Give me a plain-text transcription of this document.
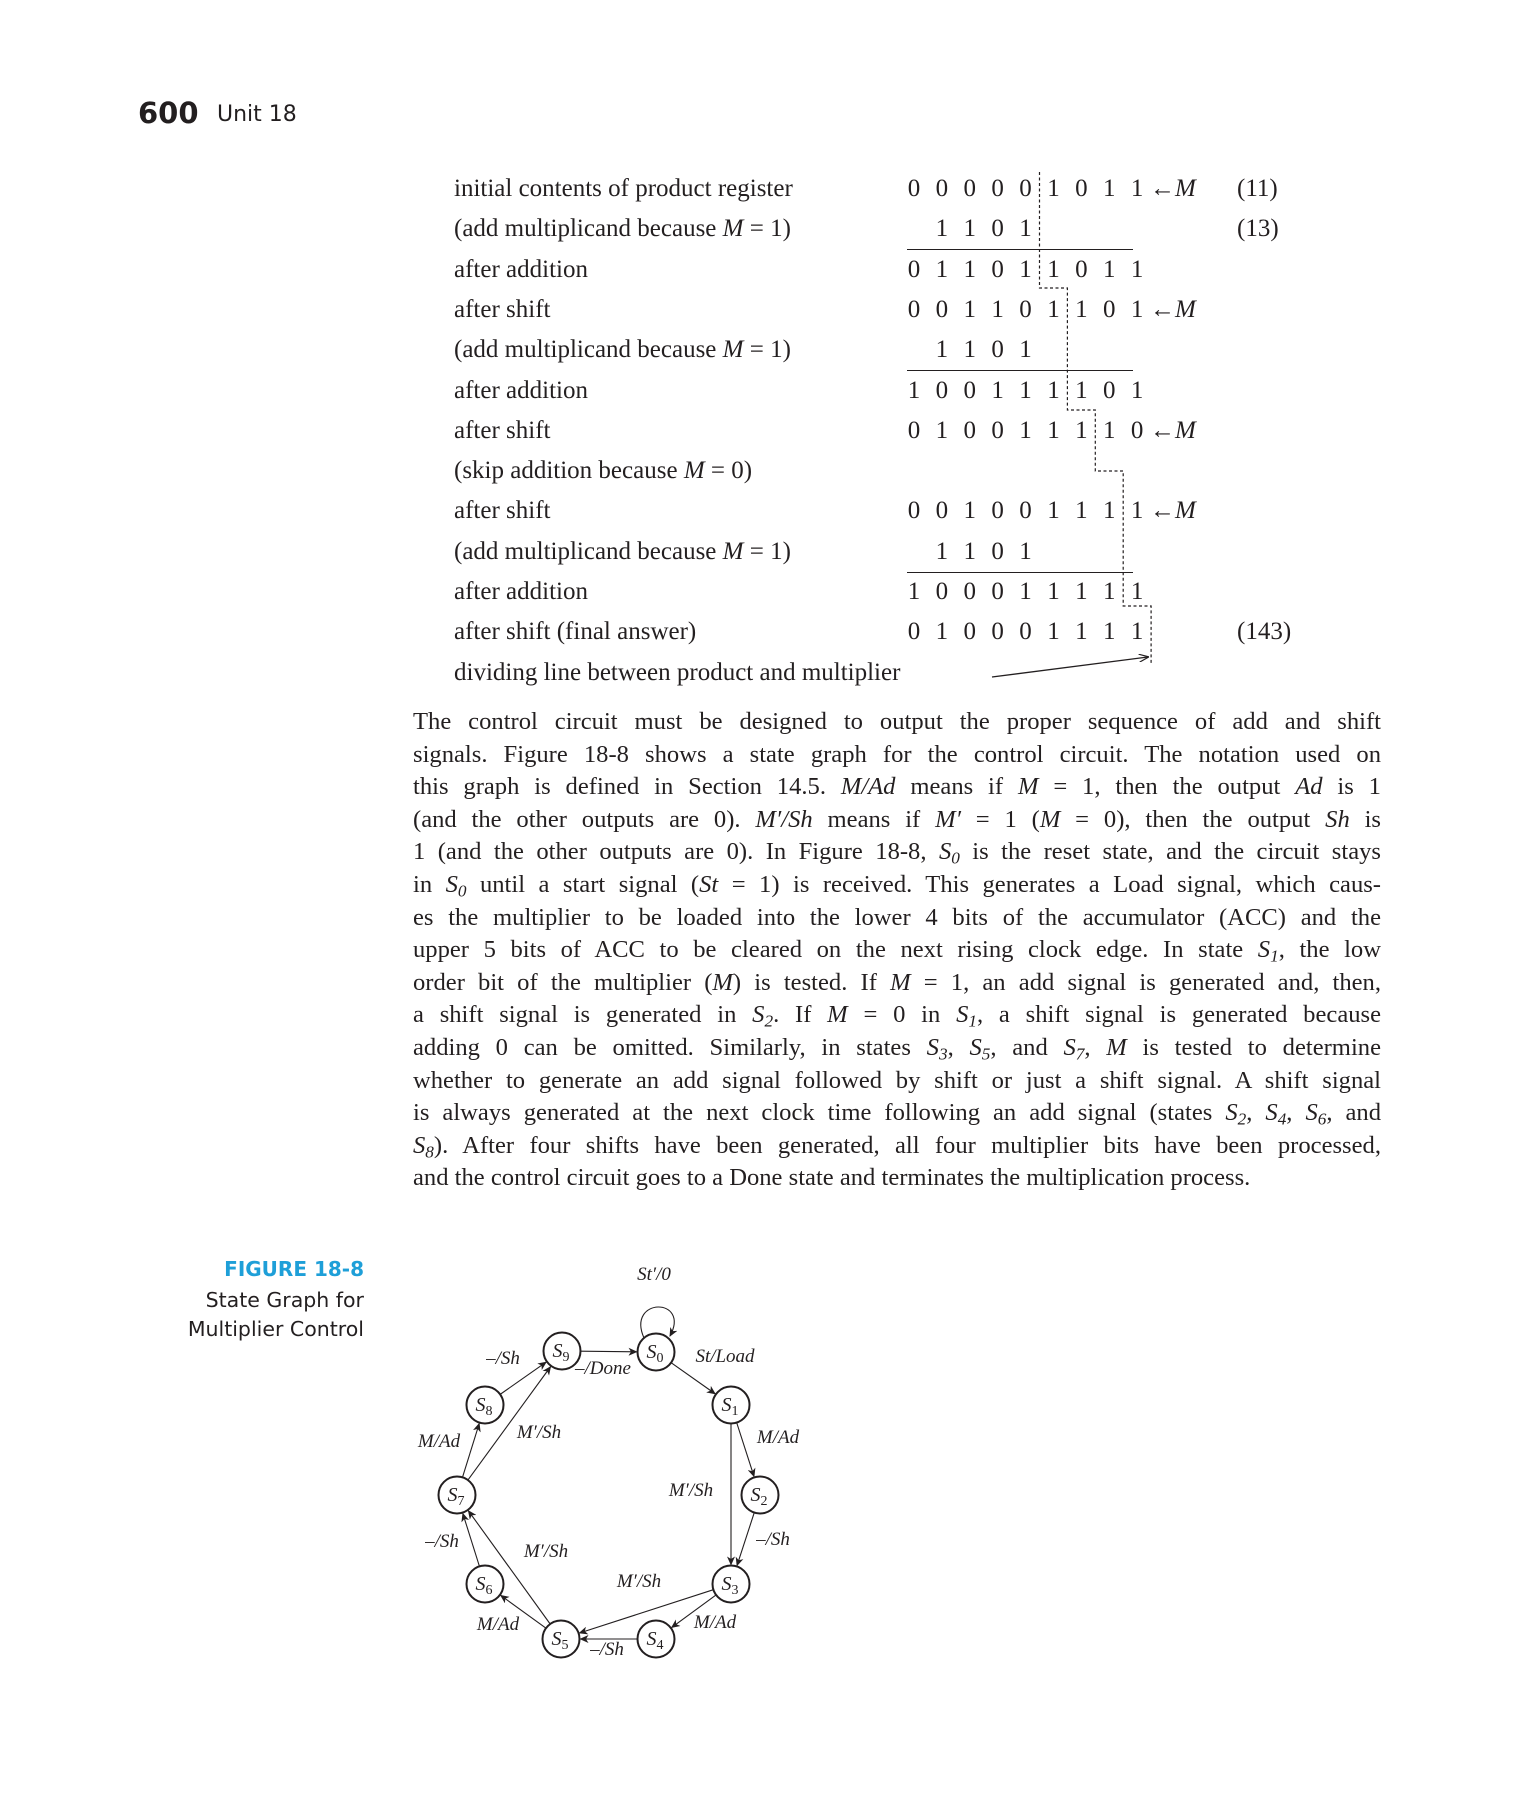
600 Unit 18
initial contents of product register	0 0 0 0 0 1 0 1 1 ←M (11)
(add multiplicand because M = 1)	1 1 0 1	(13)
after addition	0 1 1 0 1 1 0 1 1
after shift	0 0 1 1 0 1 1 0 1 ←M
(add multiplicand because M = 1)	1 1 0 1
after addition	1 0 0 1 1 1 1 0 1
after shift	0 1 0 0 1 1 1 1 0 ←M
(skip addition because M = 0)
after shift	0 0 1 0 0 1 1 1 1 ←M
(add multiplicand because M = 1)	1 1 0 1
after addition	1 0 0 0 1 1 1 1 1
after shift (final answer)	0 1 0 0 0 1 1 1 1	(143)
dividing line between product and multiplier
The control circuit must be designed to output the proper sequence of add and shift
signals. Figure 18-8 shows a state graph for the control circuit. The notation used on
this graph is defined in Section 14.5. M/Ad means if M = 1, then the output Ad is 1
(and the other outputs are 0). M′/Sh means if M′ = 1 (M = 0), then the output Sh is
1 (and the other outputs are 0). In Figure 18-8, $S_0$ is the reset state, and the circuit stays
in $S_0$ until a start signal (St = 1) is received. This generates a Load signal, which caus-
es the multiplier to be loaded into the lower 4 bits of the accumulator (ACC) and the
upper 5 bits of ACC to be cleared on the next rising clock edge. In state $S_1$, the low
order bit of the multiplier (M) is tested. If M = 1, an add signal is generated and, then,
a shift signal is generated in $S_2$. If M = 0 in $S_1$, a shift signal is generated because
adding 0 can be omitted. Similarly, in states $S_3$, $S_5$, and $S_7$, M is tested to determine
whether to generate an add signal followed by shift or just a shift signal. A shift signal
is always generated at the next clock time following an add signal (states $S_2$, $S_4$, $S_6$, and
$S_8$). After four shifts have been generated, all four multiplier bits have been processed,
and the control circuit goes to a Done state and terminates the multiplication process.
FIGURE 18-8
State Graph for
Multiplier Control
$S_0$
$S_1$
$S_2$
$S_3$
$S_4$
$S_5$
$S_6$
$S_7$
$S_8$
$S_9$
St′/0
St/Load
M/Ad
M′/Sh
–/Sh
M/Ad
M′/Sh
–/Sh
M/Ad
M′/Sh
–/Sh
M/Ad	M′/Sh
–/Sh	–/Done
